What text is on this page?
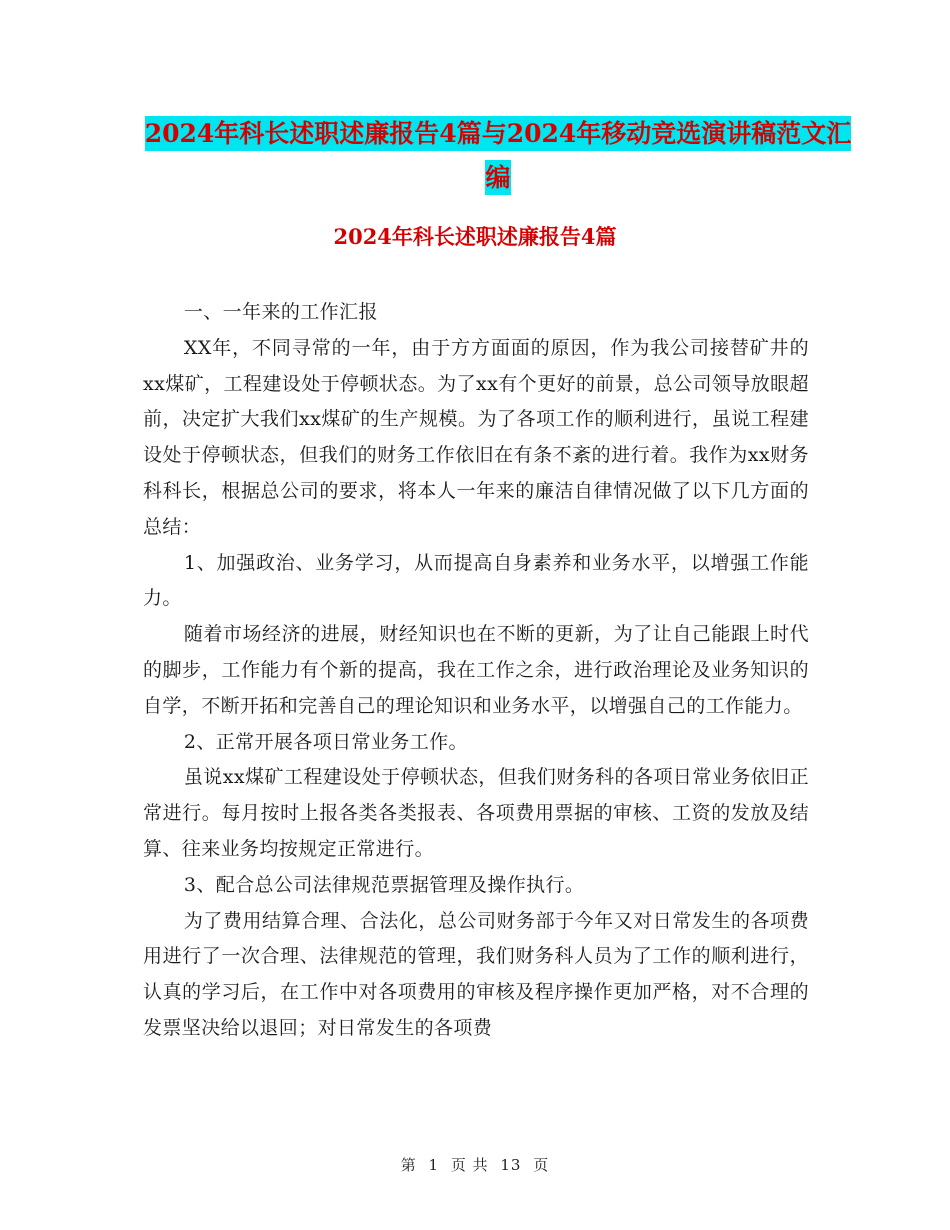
2024年科长述职述廉报告4篇与2024年移动竞选演讲稿范文汇编
2024年科长述职述廉报告4篇

一、一年来的工作汇报

XX年，不同寻常的一年，由于方方面面的原因，作为我公司接替矿井的xx煤矿，工程建设处于停顿状态。为了xx有个更好的前景，总公司领导放眼超前，决定扩大我们xx煤矿的生产规模。为了各项工作的顺利进行，虽说工程建设处于停顿状态，但我们的财务工作依旧在有条不紊的进行着。我作为xx财务科科长，根据总公司的要求，将本人一年来的廉洁自律情况做了以下几方面的总结：

1、加强政治、业务学习，从而提高自身素养和业务水平，以增强工作能力。

随着市场经济的进展，财经知识也在不断的更新，为了让自己能跟上时代的脚步，工作能力有个新的提高，我在工作之余，进行政治理论及业务知识的自学，不断开拓和完善自己的理论知识和业务水平，以增强自己的工作能力。

2、正常开展各项日常业务工作。

虽说xx煤矿工程建设处于停顿状态，但我们财务科的各项日常业务依旧正常进行。每月按时上报各类各类报表、各项费用票据的审核、工资的发放及结算、往来业务均按规定正常进行。

3、配合总公司法律规范票据管理及操作执行。

为了费用结算合理、合法化，总公司财务部于今年又对日常发生的各项费用进行了一次合理、法律规范的管理，我们财务科人员为了工作的顺利进行，认真的学习后，在工作中对各项费用的审核及程序操作更加严格，对不合理的发票坚决给以退回；对日常发生的各项费

第 1 页 共 13 页
